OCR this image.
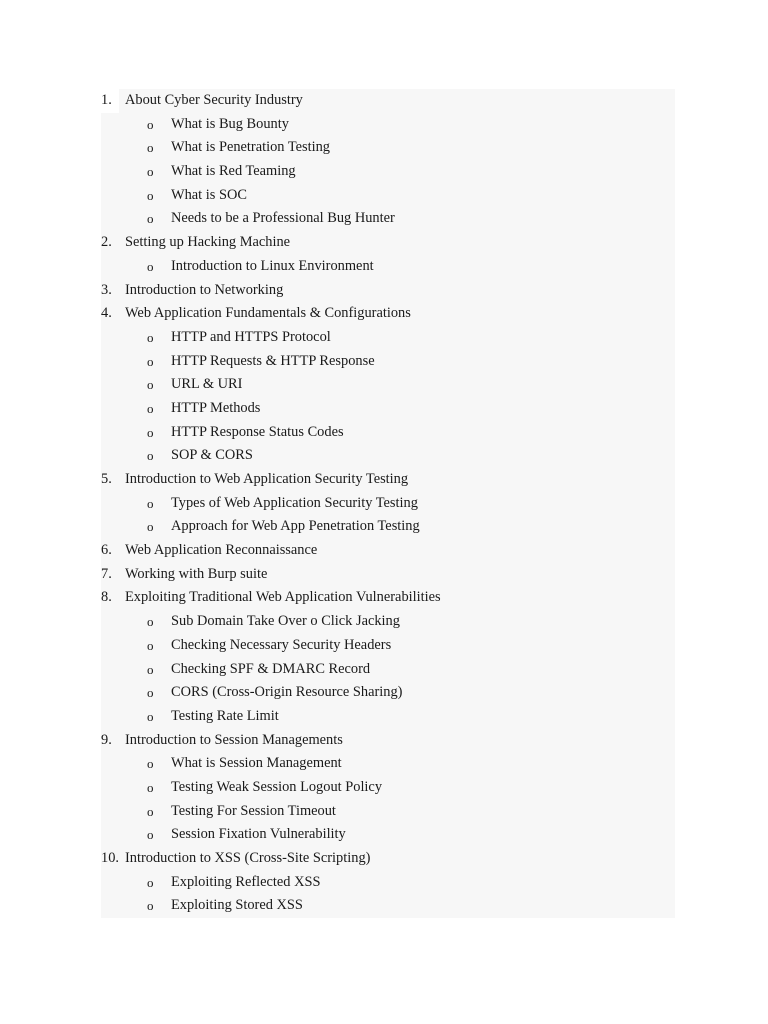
1. About Cyber Security Industry
o What is Bug Bounty
o What is Penetration Testing
o What is Red Teaming
o What is SOC
o Needs to be a Professional Bug Hunter
2. Setting up Hacking Machine
o Introduction to Linux Environment
3. Introduction to Networking
4. Web Application Fundamentals & Configurations
o HTTP and HTTPS Protocol
o HTTP Requests & HTTP Response
o URL & URI
o HTTP Methods
o HTTP Response Status Codes
o SOP & CORS
5. Introduction to Web Application Security Testing
o Types of Web Application Security Testing
o Approach for Web App Penetration Testing
6. Web Application Reconnaissance
7. Working with Burp suite
8. Exploiting Traditional Web Application Vulnerabilities
o Sub Domain Take Over o Click Jacking
o Checking Necessary Security Headers
o Checking SPF & DMARC Record
o CORS (Cross-Origin Resource Sharing)
o Testing Rate Limit
9. Introduction to Session Managements
o What is Session Management
o Testing Weak Session Logout Policy
o Testing For Session Timeout
o Session Fixation Vulnerability
10. Introduction to XSS (Cross-Site Scripting)
o Exploiting Reflected XSS
o Exploiting Stored XSS
